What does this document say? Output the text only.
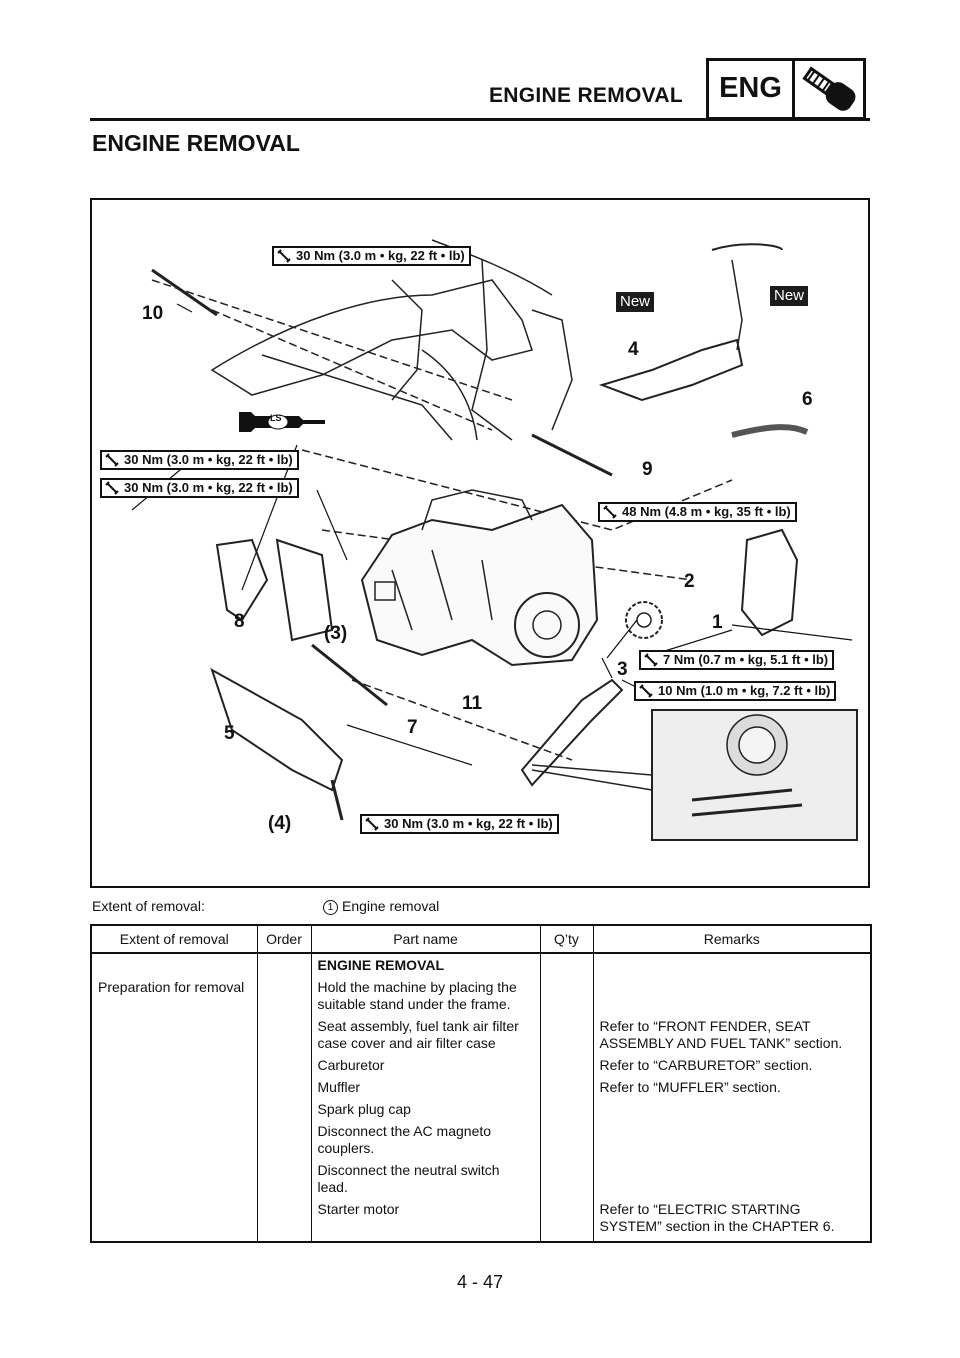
ENGINE REMOVAL	ENG
ENGINE REMOVAL
10
4
6
9
2
8
(3)
1
3
11
5	7
(4)
New	New
LS
30 Nm (3.0 m • kg, 22 ft • lb)
30 Nm (3.0 m • kg, 22 ft • lb)
30 Nm (3.0 m • kg, 22 ft • lb)
48 Nm (4.8 m • kg, 35 ft • lb)
7 Nm (0.7 m • kg, 5.1 ft • lb)
10 Nm (1.0 m • kg, 7.2 ft • lb)
30 Nm (3.0 m • kg, 22 ft • lb)
Extent of removal:	1 Engine removal
Extent of removal	Order	Part name	Q’ty	Remarks
		ENGINE REMOVAL		
Preparation for removal		Hold the machine by placing the suitable stand under the frame.		
		Seat assembly, fuel tank air filter case cover and air filter case		Refer to “FRONT FENDER, SEAT ASSEMBLY AND FUEL TANK” section.
		Carburetor		Refer to “CARBURETOR” section.
		Muffler		Refer to “MUFFLER” section.
		Spark plug cap		
		Disconnect the AC magneto couplers.		
		Disconnect the neutral switch lead.		
		Starter motor		Refer to “ELECTRIC STARTING SYSTEM” section in the CHAPTER 6.
4 - 47
